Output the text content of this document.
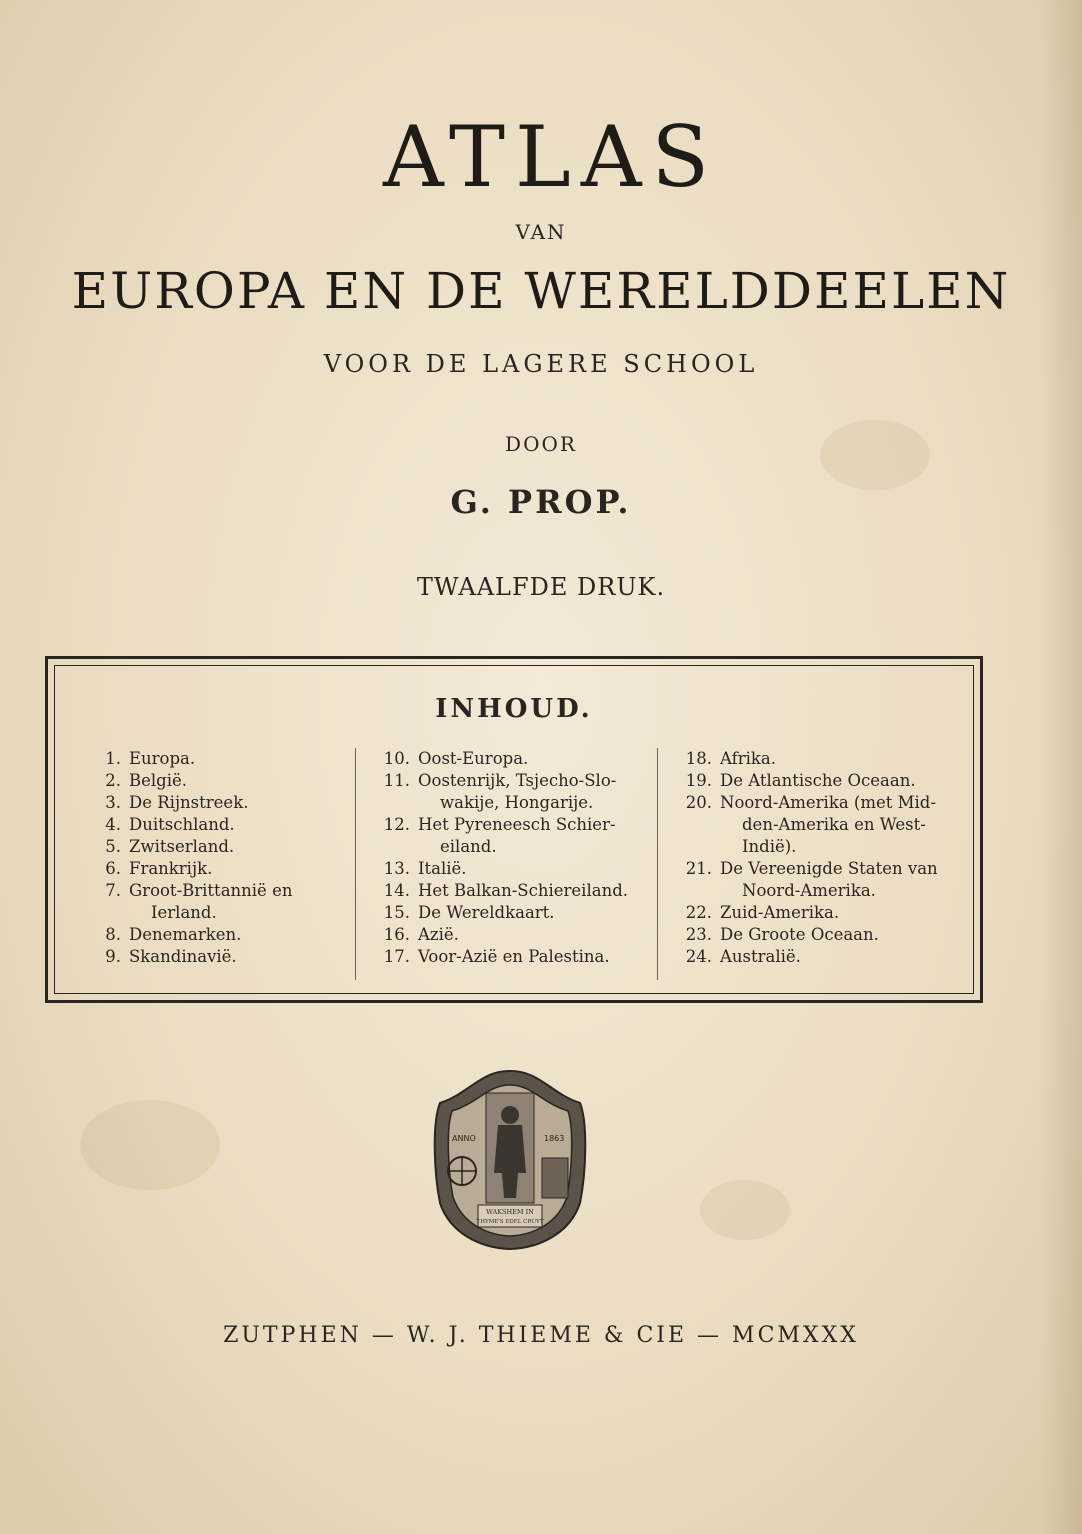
ATLAS
VAN
EUROPA EN DE WERELDDEELEN
VOOR DE LAGERE SCHOOL
DOOR
G. PROP.
TWAALFDE DRUK.
INHOUD.
1. Europa.
2. België.
3. De Rijnstreek.
4. Duitschland.
5. Zwitserland.
6. Frankrijk.
7. Groot-Brittannië en
Ierland.
8. Denemarken.
9. Skandinavië.
10. Oost-Europa.
11. Oostenrijk, Tsjecho-Slo-
wakije, Hongarije.
12. Het Pyreneesch Schier-
eiland.
13. Italië.
14. Het Balkan-Schiereiland.
15. De Wereldkaart.
16. Azië.
17. Voor-Azië en Palestina.
18. Afrika.
19. De Atlantische Oceaan.
20. Noord-Amerika (met Mid-
den-Amerika en West-
Indië).
21. De Vereenigde Staten van
Noord-Amerika.
22. Zuid-Amerika.
23. De Groote Oceaan.
24. Australië.
ANNO	1863
WAKSHEM IN
THYME'S EDEL CRUYT
ZUTPHEN — W. J. THIEME & CIE — MCMXXX
